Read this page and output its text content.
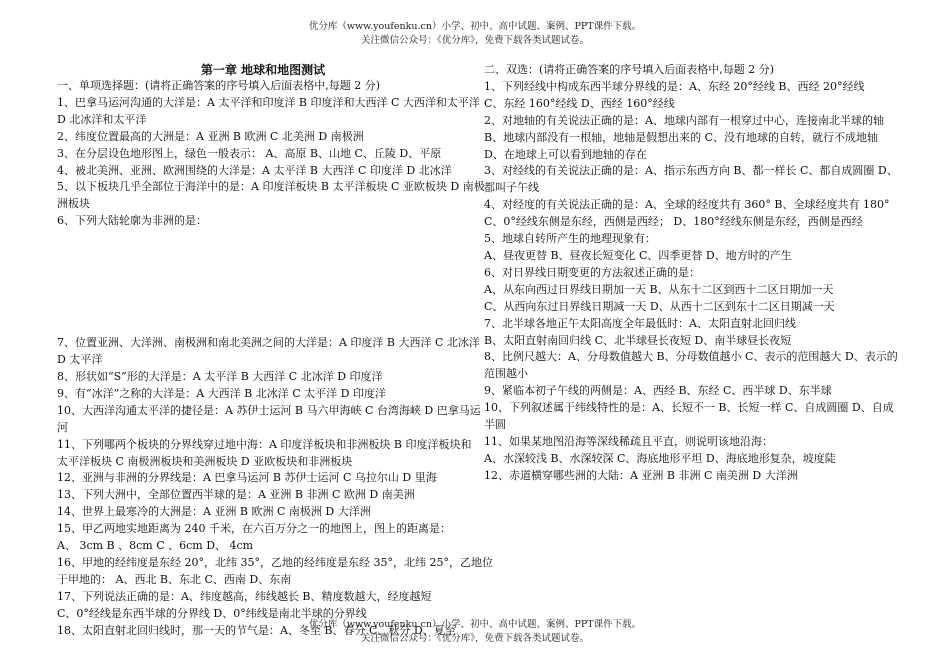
优分库（www.youfenku.cn）小学、初中、高中试题、案例、PPT课件下载。
关注微信公众号：《优分库》，免费下载各类试题试卷。
第一章 地球和地图测试
一、单项选择题：(请将正确答案的序号填入后面表格中,每题 2 分)
1、巴拿马运河沟通的大洋是：A 太平洋和印度洋 B 印度洋和大西洋 C 大西洋和太平洋
D 北冰洋和太平洋
2、纬度位置最高的大洲是：A 亚洲 B 欧洲 C 北美洲 D 南极洲
3、在分层设色地形图上，绿色一般表示： A、高原 B、山地 C、丘陵 D、平原
4、被北美洲、亚洲、欧洲围绕的大洋是：A 太平洋 B 大西洋 C 印度洋 D 北冰洋
5、以下板块几乎全部位于海洋中的是：A 印度洋板块 B 太平洋板块 C 亚欧板块 D 南极
洲板块
6、下列大陆轮廓为非洲的是：
7、位置亚洲、大洋洲、南极洲和南北美洲之间的大洋是：A 印度洋 B 大西洋 C 北冰洋
D 太平洋
8、形状如“S”形的大洋是：A 太平洋 B 大西洋 C 北冰洋 D 印度洋
9、有“冰洋”之称的大洋是：A 大西洋 B 北冰洋 C 太平洋 D 印度洋
10、大西洋沟通太平洋的捷径是：A 苏伊士运河 B 马六甲海峡 C 台湾海峡 D 巴拿马运
河
11、下列哪两个板块的分界线穿过地中海：A 印度洋板块和非洲板块 B 印度洋板块和
太平洋板块 C 南极洲板块和美洲板块 D 亚欧板块和非洲板块
12、亚洲与非洲的分界线是：A 巴拿马运河 B 苏伊士运河 C 乌拉尔山 D 里海
13、下列大洲中，全部位置西半球的是：A 亚洲 B 非洲 C 欧洲 D 南美洲
14、世界上最寒冷的大洲是：A 亚洲 B 欧洲 C 南极洲 D 大洋洲
15、甲乙两地实地距离为 240 千米，在六百万分之一的地图上，图上的距离是：
A、 3cm B 、8cm C 、6cm D、 4cm
16、甲地的经纬度是东经 20°，北纬 35°，乙地的经纬度是东经 35°，北纬 25°，乙地位
于甲地的： A、西北 B、东北 C、西南 D、东南
17、下列说法正确的是：A、纬度越高，纬线越长 B、精度数越大，经度越短
C、0°经线是东西半球的分界线 D、0°纬线是南北半球的分界线
18、太阳直射北回归线时，那一天的节气是：A、冬至 B、春分 C、秋分 D、夏至
二、双选：(请将正确答案的序号填入后面表格中,每题 2 分)
1、下列经线中构成东西半球分界线的是：A、东经 20°经线 B、西经 20°经线
C、东经 160°经线 D、西经 160°经线
2、对地轴的有关说法正确的是：A、地球内部有一根穿过中心，连接南北半球的轴
B、地球内部没有一根轴，地轴是假想出来的 C、没有地球的自转，就行不成地轴
D、在地球上可以看到地轴的存在
3、对经线的有关说法正确的是：A、指示东西方向 B、都一样长 C、都自成圆圈 D、
都叫子午线
4、对经度的有关说法正确的是：A、全球的经度共有 360° B、全球经度共有 180°
C、0°经线东侧是东经，西侧是西经； D、180°经线东侧是东经，西侧是西经
5、地球自转所产生的地理现象有：
A、昼夜更替 B、昼夜长短变化 C、四季更替 D、地方时的产生
6、对日界线日期变更的方法叙述正确的是：
A、从东向西过日界线日期加一天 B、从东十二区到西十二区日期加一天
C、从西向东过日界线日期减一天 D、从西十二区到东十二区日期减一天
7、北半球各地正午太阳高度全年最低时：A、太阳直射北回归线
B、太阳直射南回归线 C、北半球昼长夜短 D、南半球昼长夜短
8、比例尺越大：A、分母数值越大 B、分母数值越小 C、表示的范围越大 D、表示的
范围越小
9、紧临本初子午线的两侧是：A、西经 B、东经 C、西半球 D、东半球
10、下列叙述属于纬线特性的是：A、长短不一 B、长短一样 C、自成圆圈 D、自成
半圆
11、如果某地图沿海等深线稀疏且平直，则说明该地沿海：
A、水深较浅 B、水深较深 C、海底地形平坦 D、海底地形复杂，坡度陡
12、赤道横穿哪些洲的大陆：A 亚洲 B 非洲 C 南美洲 D 大洋洲
优分库（www.youfenku.cn）小学、初中、高中试题、案例、PPT课件下载。
关注微信公众号：《优分库》，免费下载各类试题试卷。
